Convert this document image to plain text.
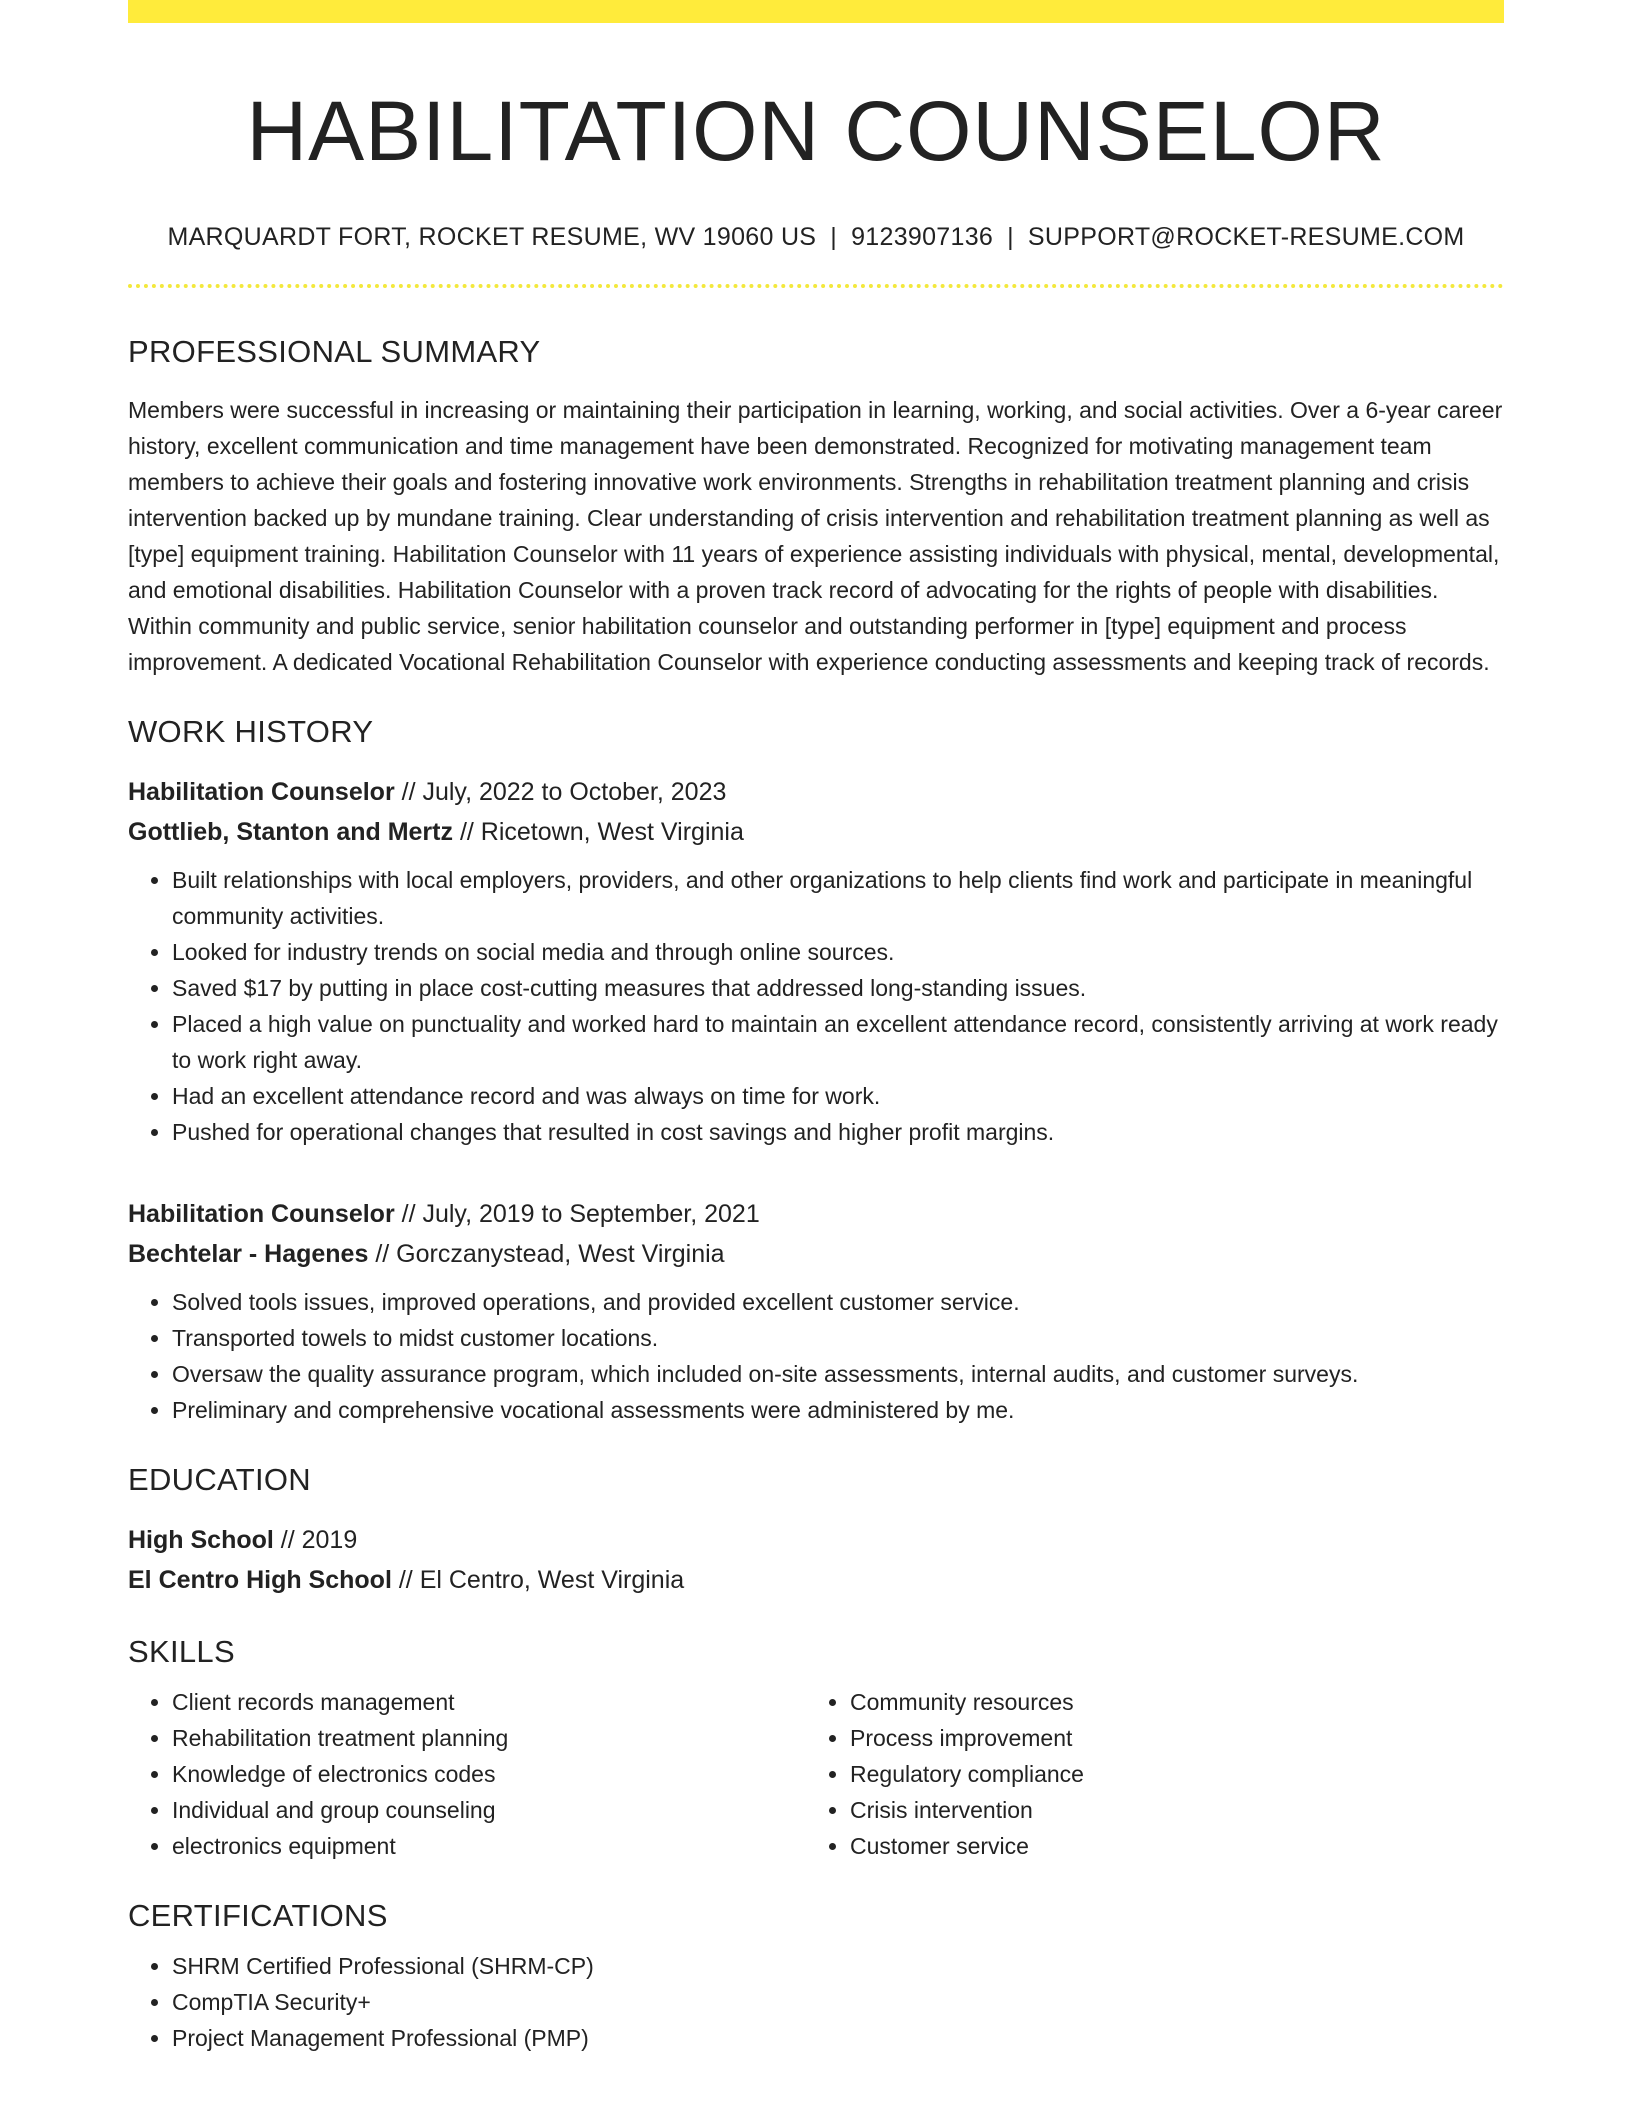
HABILITATION COUNSELOR
MARQUARDT FORT, ROCKET RESUME, WV 19060 US | 9123907136 | SUPPORT@ROCKET-RESUME.COM
PROFESSIONAL SUMMARY

Members were successful in increasing or maintaining their participation in learning, working, and social activities. Over a 6-year career history, excellent communication and time management have been demonstrated. Recognized for motivating management team members to achieve their goals and fostering innovative work environments. Strengths in rehabilitation treatment planning and crisis intervention backed up by mundane training. Clear understanding of crisis intervention and rehabilitation treatment planning as well as [type] equipment training. Habilitation Counselor with 11 years of experience assisting individuals with physical, mental, developmental, and emotional disabilities. Habilitation Counselor with a proven track record of advocating for the rights of people with disabilities. Within community and public service, senior habilitation counselor and outstanding performer in [type] equipment and process improvement. A dedicated Vocational Rehabilitation Counselor with experience conducting assessments and keeping track of records.

WORK HISTORY
Habilitation Counselor // July, 2022 to October, 2023
Gottlieb, Stanton and Mertz // Ricetown, West Virginia
• Built relationships with local employers, providers, and other organizations to help clients find work and participate in meaningful community activities.
• Looked for industry trends on social media and through online sources.
• Saved $17 by putting in place cost-cutting measures that addressed long-standing issues.
• Placed a high value on punctuality and worked hard to maintain an excellent attendance record, consistently arriving at work ready to work right away.
• Had an excellent attendance record and was always on time for work.
• Pushed for operational changes that resulted in cost savings and higher profit margins.
Habilitation Counselor // July, 2019 to September, 2021
Bechtelar - Hagenes // Gorczanystead, West Virginia
• Solved tools issues, improved operations, and provided excellent customer service.
• Transported towels to midst customer locations.
• Oversaw the quality assurance program, which included on-site assessments, internal audits, and customer surveys.
• Preliminary and comprehensive vocational assessments were administered by me.
EDUCATION
High School // 2019
El Centro High School // El Centro, West Virginia
SKILLS
• Client records management
• Rehabilitation treatment planning
• Knowledge of electronics codes
• Individual and group counseling
• electronics equipment
• Community resources
• Process improvement
• Regulatory compliance
• Crisis intervention
• Customer service
CERTIFICATIONS
• SHRM Certified Professional (SHRM-CP)
• CompTIA Security+
• Project Management Professional (PMP)
